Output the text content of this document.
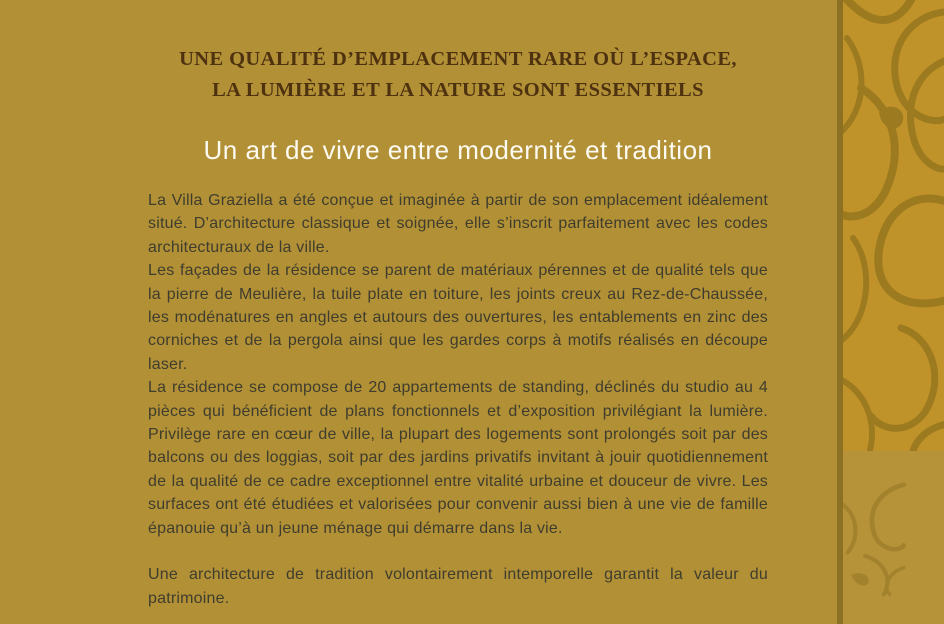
UNE QUALITÉ D’EMPLACEMENT RARE OÙ L’ESPACE,
LA LUMIÈRE ET LA NATURE SONT ESSENTIELS
Un art de vivre entre modernité et tradition

La Villa Graziella a été conçue et imaginée à partir de son emplacement idéalement situé. D’architecture classique et soignée, elle s’inscrit parfaitement avec les codes architecturaux de la ville.

Les façades de la résidence se parent de matériaux pérennes et de qualité tels que la pierre de Meulière, la tuile plate en toiture, les joints creux au Rez-de-Chaussée, les modénatures en angles et autours des ouvertures, les entablements en zinc des corniches et de la pergola ainsi que les gardes corps à motifs réalisés en découpe laser.

La résidence se compose de 20 appartements de standing, déclinés du studio au 4 pièces qui bénéficient de plans fonctionnels et d’exposition privilégiant la lumière. Privilège rare en cœur de ville, la plupart des logements sont prolongés soit par des balcons ou des loggias, soit par des jardins privatifs invitant à jouir quotidiennement de la qualité de ce cadre exceptionnel entre vitalité urbaine et douceur de vivre. Les surfaces ont été étudiées et valorisées pour convenir aussi bien à une vie de famille épanouie qu’à un jeune ménage qui démarre dans la vie.

Une architecture de tradition volontairement intemporelle garantit la valeur du patrimoine.
